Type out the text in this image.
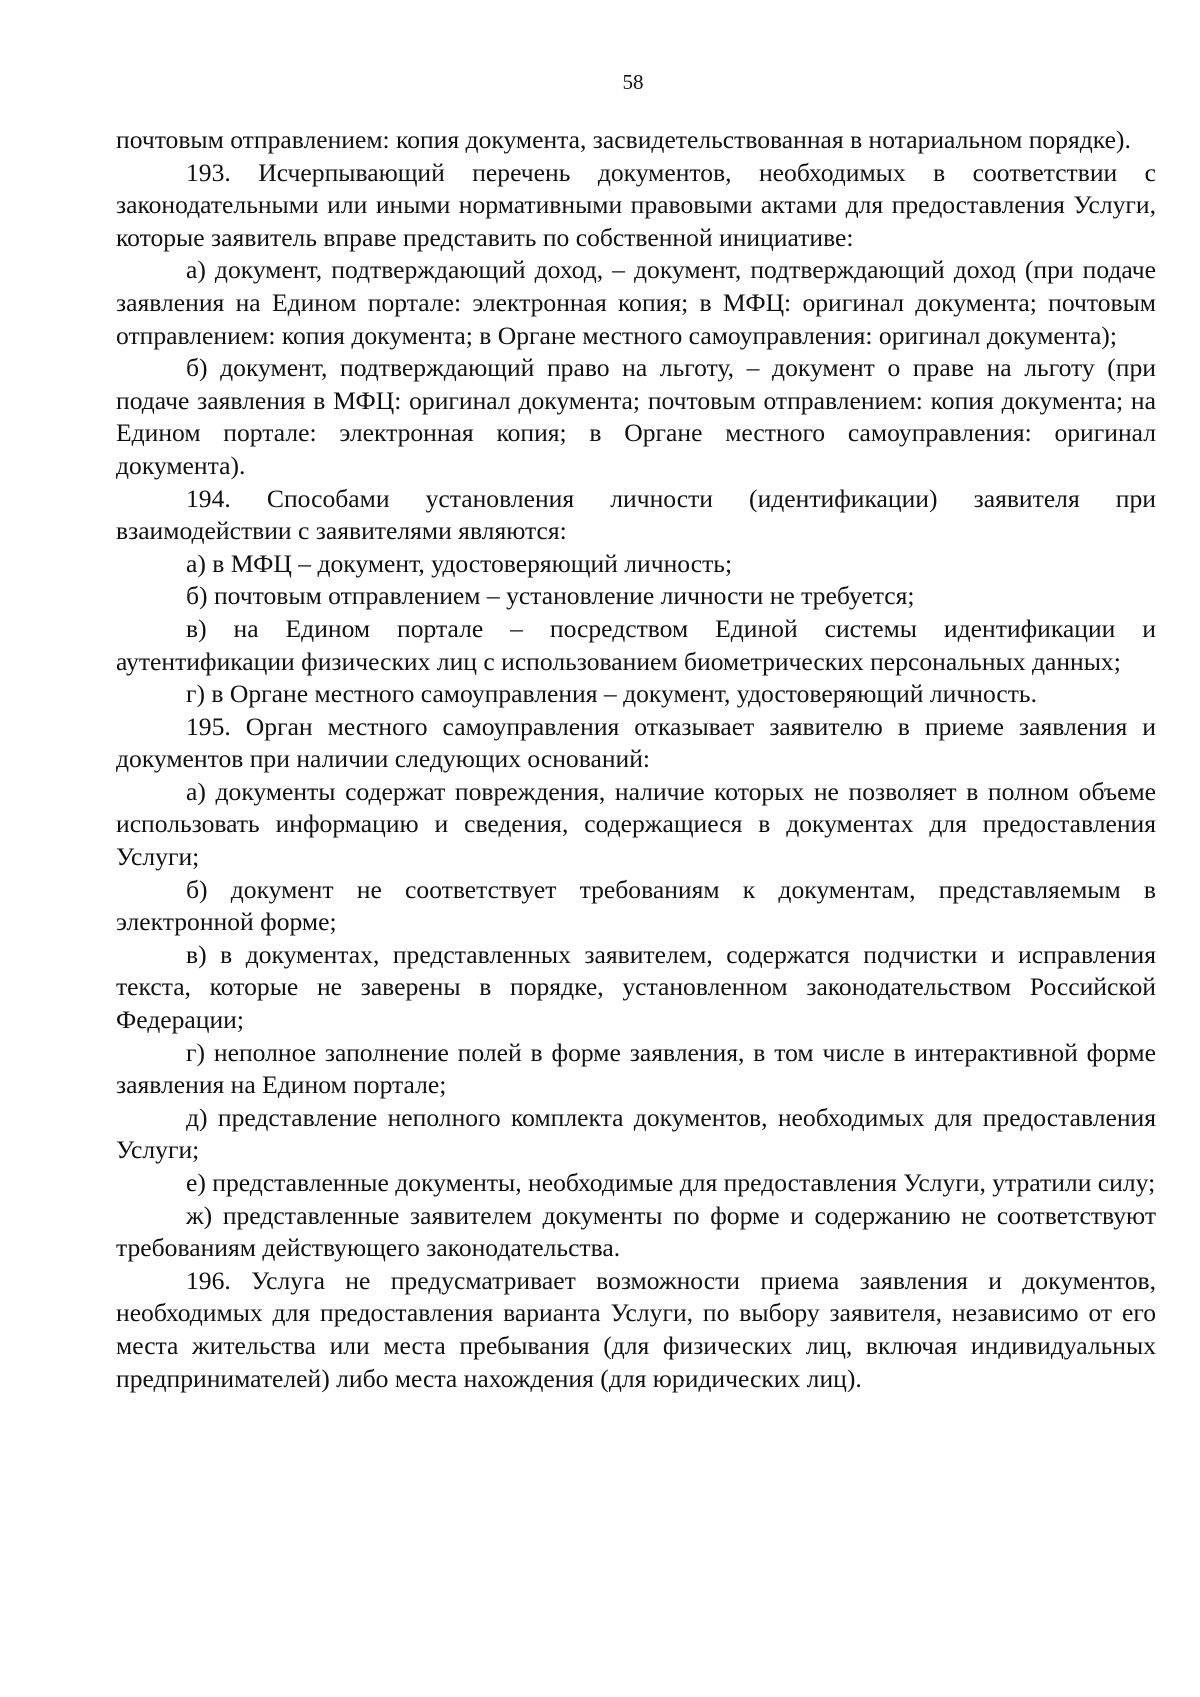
58

почтовым отправлением: копия документа, засвидетельствованная в нотариальном порядке).

193. Исчерпывающий перечень документов, необходимых в соответствии с законодательными или иными нормативными правовыми актами для предоставления Услуги, которые заявитель вправе представить по собственной инициативе:

а) документ, подтверждающий доход, – документ, подтверждающий доход (при подаче заявления на Едином портале: электронная копия; в МФЦ: оригинал документа; почтовым отправлением: копия документа; в Органе местного самоуправления: оригинал документа);

б) документ, подтверждающий право на льготу, – документ о праве на льготу (при подаче заявления в МФЦ: оригинал документа; почтовым отправлением: копия документа; на Едином портале: электронная копия; в Органе местного самоуправления: оригинал документа).

194. Способами установления личности (идентификации) заявителя при взаимодействии с заявителями являются:

а) в МФЦ – документ, удостоверяющий личность;

б) почтовым отправлением – установление личности не требуется;

в) на Едином портале – посредством Единой системы идентификации и аутентификации физических лиц с использованием биометрических персональных данных;

г) в Органе местного самоуправления – документ, удостоверяющий личность.

195. Орган местного самоуправления отказывает заявителю в приеме заявления и документов при наличии следующих оснований:

а) документы содержат повреждения, наличие которых не позволяет в полном объеме использовать информацию и сведения, содержащиеся в документах для предоставления Услуги;

б) документ не соответствует требованиям к документам, представляемым в электронной форме;

в) в документах, представленных заявителем, содержатся подчистки и исправления текста, которые не заверены в порядке, установленном законодательством Российской Федерации;

г) неполное заполнение полей в форме заявления, в том числе в интерактивной форме заявления на Едином портале;

д) представление неполного комплекта документов, необходимых для предоставления Услуги;

е) представленные документы, необходимые для предоставления Услуги, утратили силу;

ж) представленные заявителем документы по форме и содержанию не соответствуют требованиям действующего законодательства.

196. Услуга не предусматривает возможности приема заявления и документов, необходимых для предоставления варианта Услуги, по выбору заявителя, независимо от его места жительства или места пребывания (для физических лиц, включая индивидуальных предпринимателей) либо места нахождения (для юридических лиц).
